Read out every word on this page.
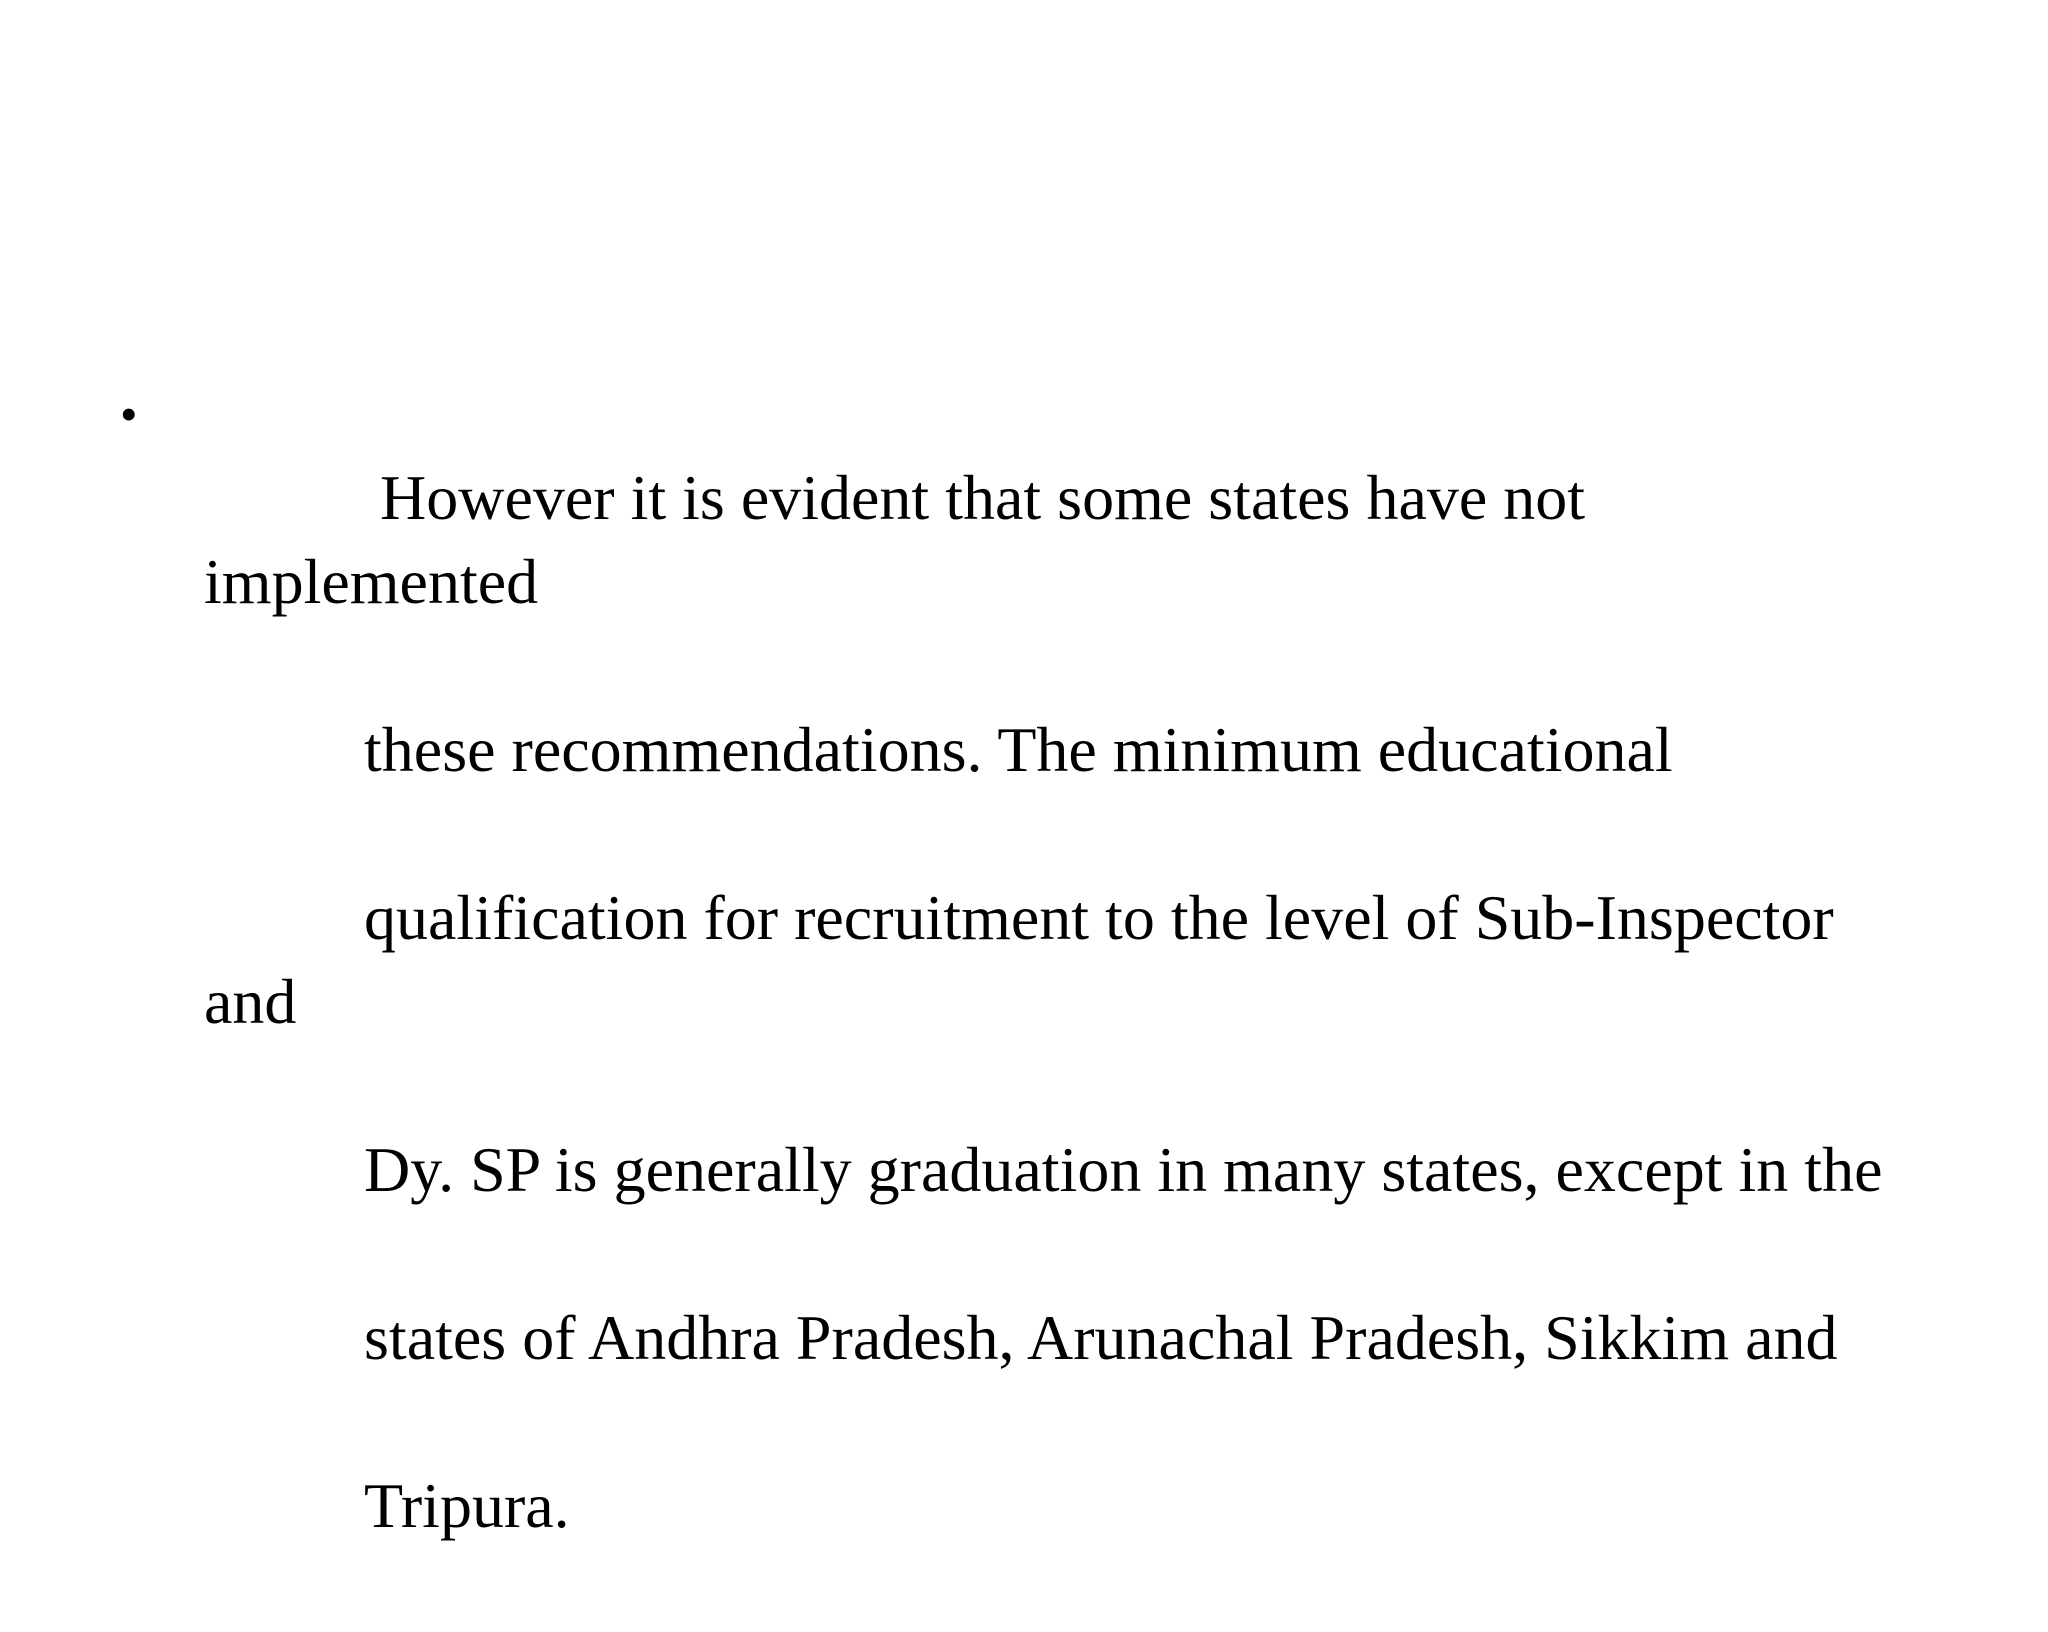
•

However it is evident that some states have not implemented

these recommendations. The minimum educational

qualification for recruitment to the level of Sub-Inspector and

Dy. SP is generally graduation in many states, except in the

states of Andhra Pradesh, Arunachal Pradesh, Sikkim and

Tripura.
